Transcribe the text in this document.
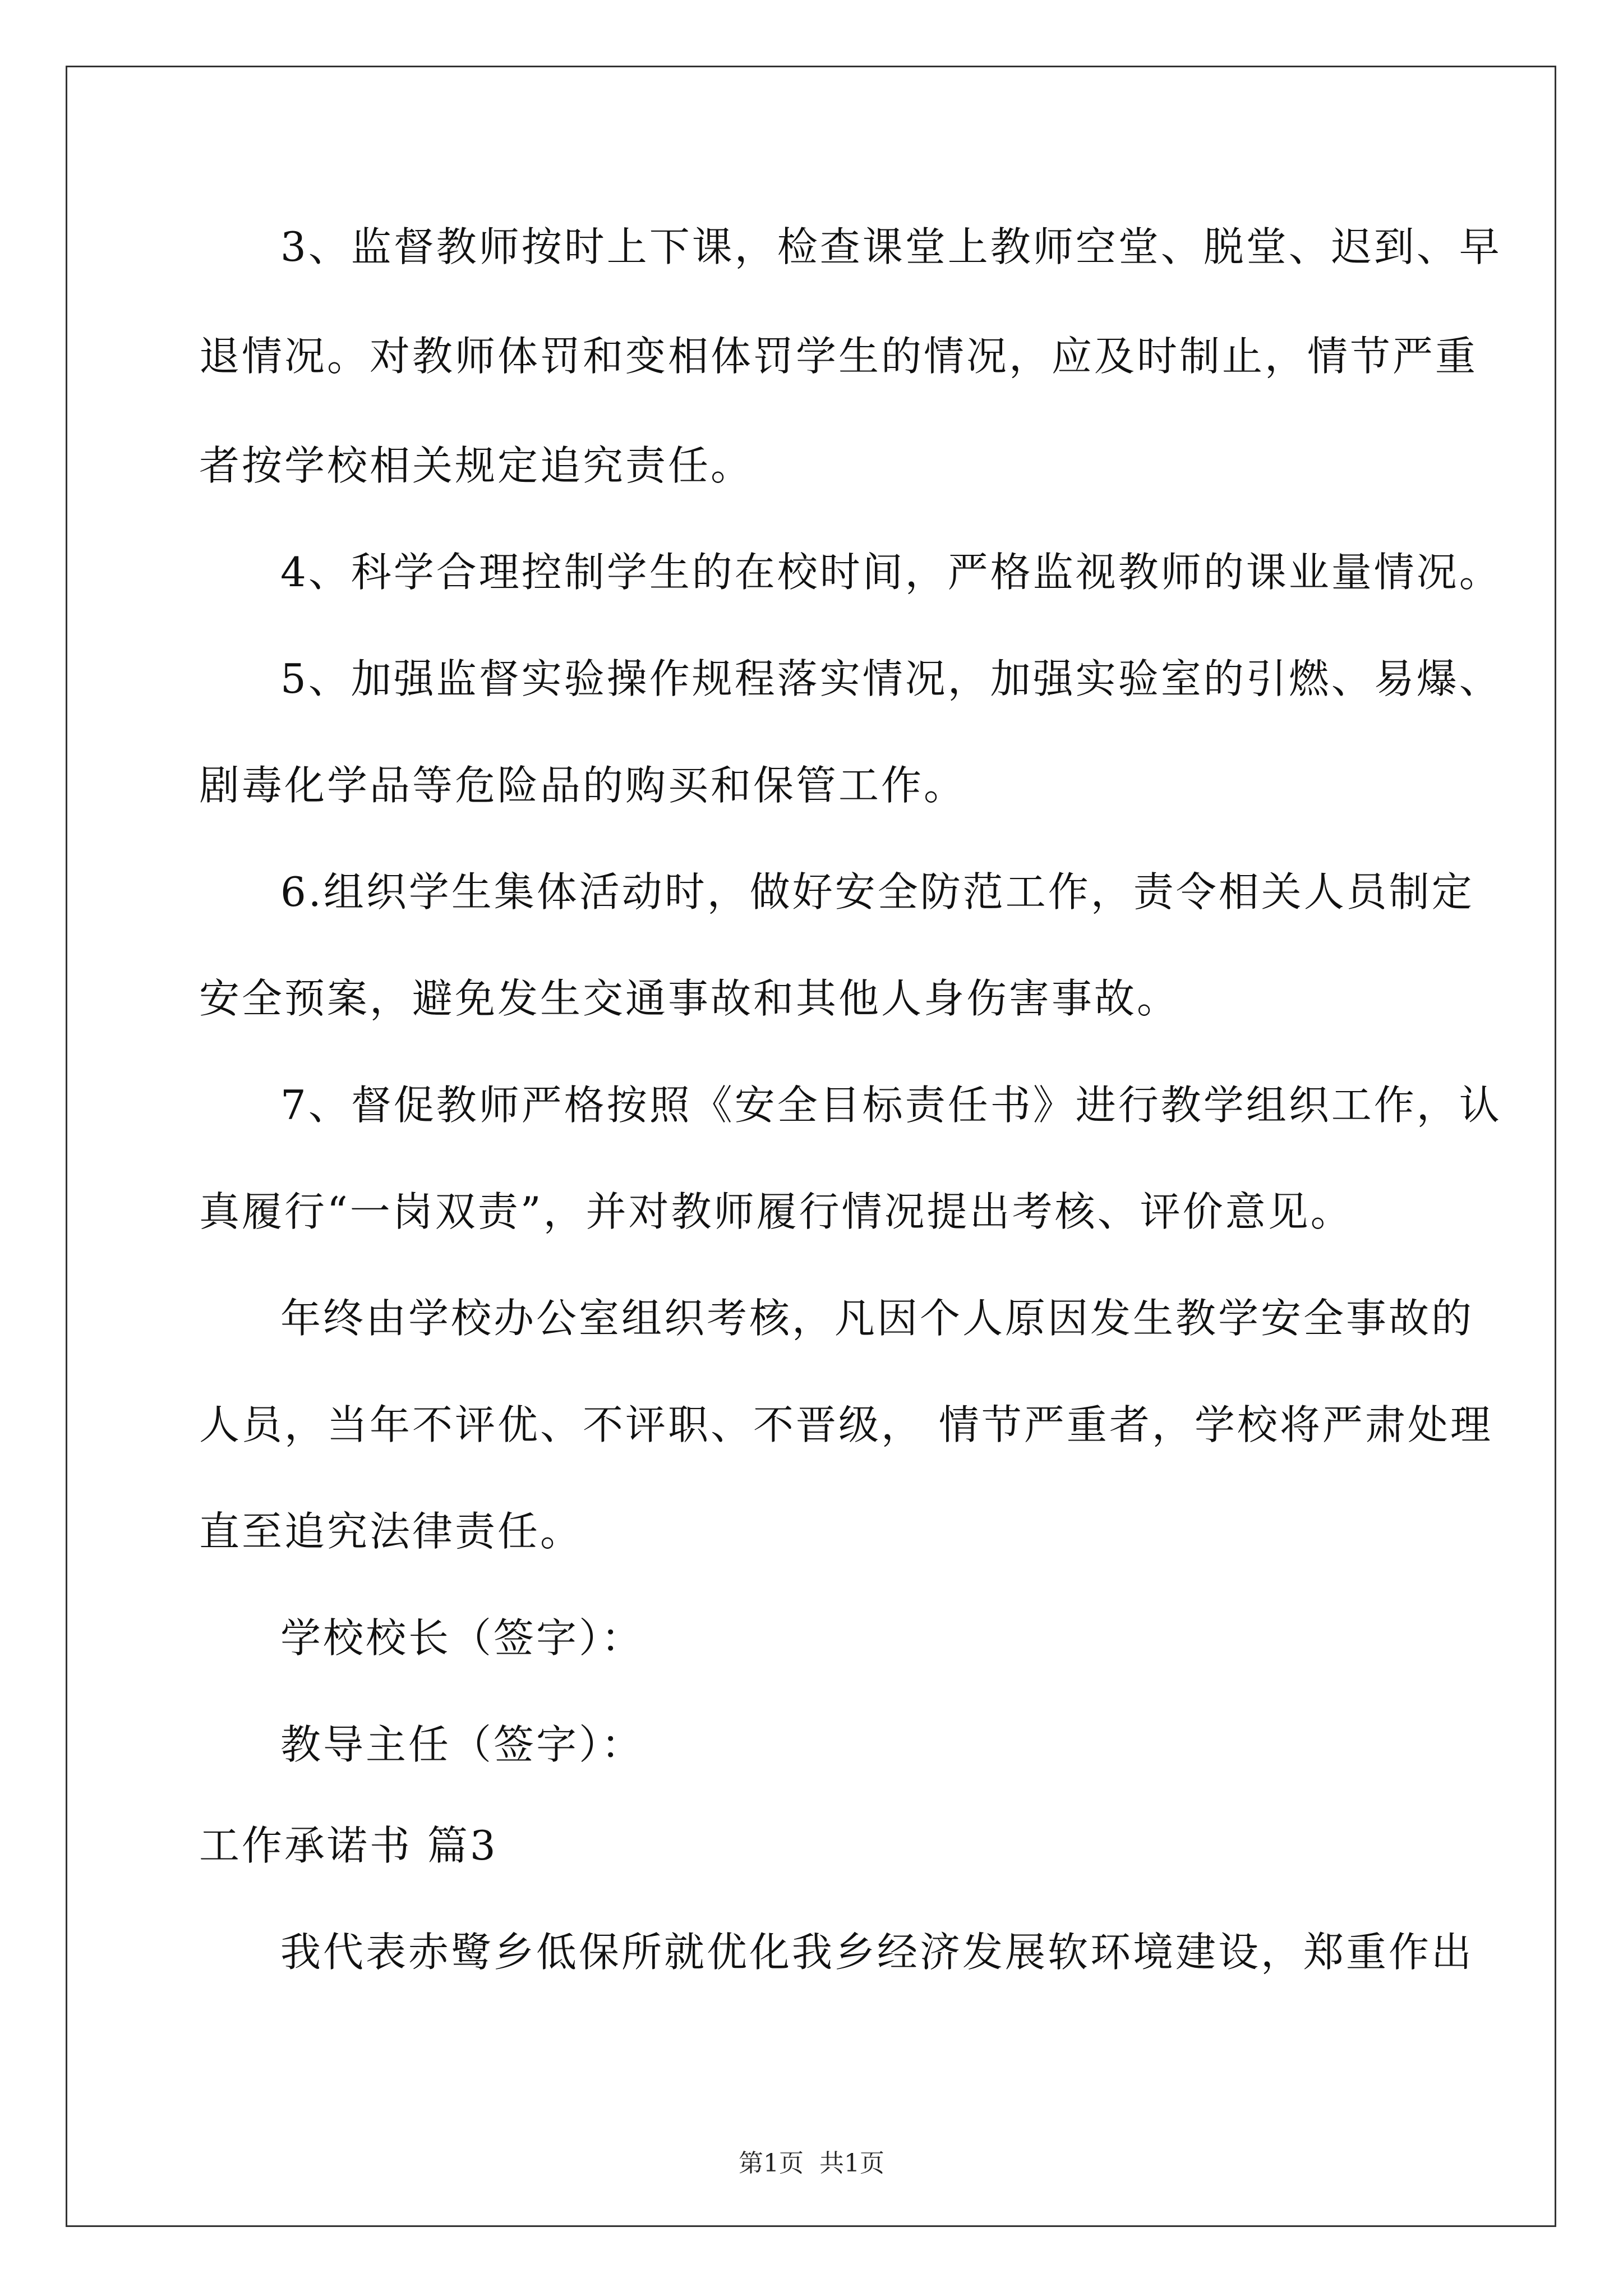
3、监督教师按时上下课，检查课堂上教师空堂、脱堂、迟到、早
退情况。对教师体罚和变相体罚学生的情况，应及时制止，情节严重
者按学校相关规定追究责任。
4、科学合理控制学生的在校时间，严格监视教师的课业量情况。
5、加强监督实验操作规程落实情况，加强实验室的引燃、易爆、
剧毒化学品等危险品的购买和保管工作。
6.组织学生集体活动时，做好安全防范工作，责令相关人员制定
安全预案，避免发生交通事故和其他人身伤害事故。
7、督促教师严格按照《安全目标责任书》进行教学组织工作，认
真履行“一岗双责”，并对教师履行情况提出考核、评价意见。
年终由学校办公室组织考核，凡因个人原因发生教学安全事故的
人员，当年不评优、不评职、不晋级， 情节严重者，学校将严肃处理
直至追究法律责任。
学校校长（签字）：
教导主任（签字）：
工作承诺书 篇3
我代表赤鹭乡低保所就优化我乡经济发展软环境建设，郑重作出
第1页  共1页
